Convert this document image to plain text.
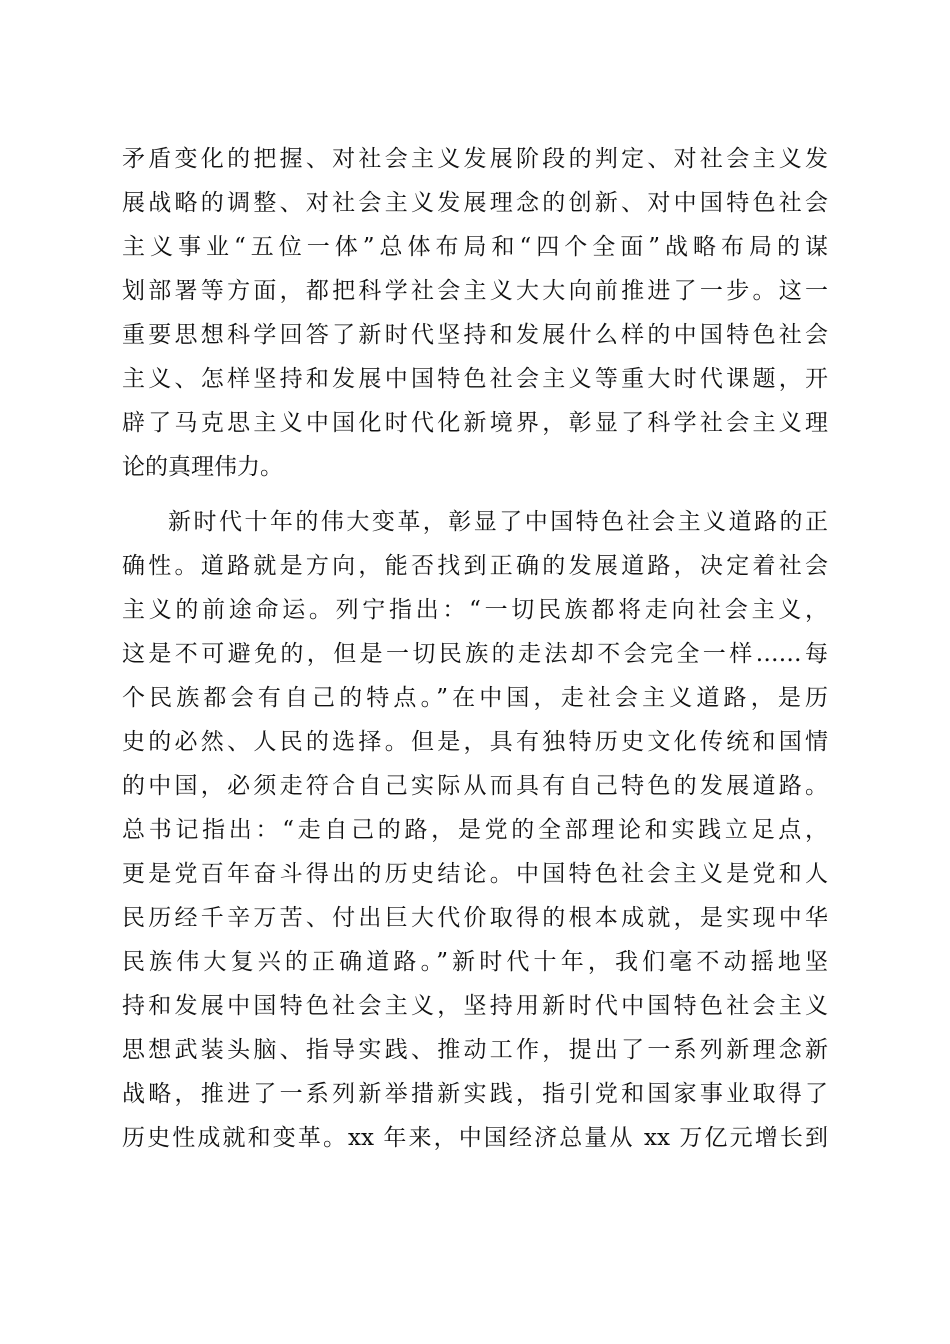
矛盾变化的把握、对社会主义发展阶段的判定、对社会主义发
展战略的调整、对社会主义发展理念的创新、对中国特色社会
主义事业“五位一体”总体布局和“四个全面”战略布局的谋
划部署等方面，都把科学社会主义大大向前推进了一步。这一
重要思想科学回答了新时代坚持和发展什么样的中国特色社会
主义、怎样坚持和发展中国特色社会主义等重大时代课题，开
辟了马克思主义中国化时代化新境界，彰显了科学社会主义理
论的真理伟力。
新时代十年的伟大变革，彰显了中国特色社会主义道路的正
确性。道路就是方向，能否找到正确的发展道路，决定着社会
主义的前途命运。列宁指出：“一切民族都将走向社会主义，
这是不可避免的，但是一切民族的走法却不会完全一样……每
个民族都会有自己的特点。”在中国，走社会主义道路，是历
史的必然、人民的选择。但是，具有独特历史文化传统和国情
的中国，必须走符合自己实际从而具有自己特色的发展道路。
总书记指出：“走自己的路，是党的全部理论和实践立足点，
更是党百年奋斗得出的历史结论。中国特色社会主义是党和人
民历经千辛万苦、付出巨大代价取得的根本成就，是实现中华
民族伟大复兴的正确道路。”新时代十年，我们毫不动摇地坚
持和发展中国特色社会主义，坚持用新时代中国特色社会主义
思想武装头脑、指导实践、推动工作，提出了一系列新理念新
战略，推进了一系列新举措新实践，指引党和国家事业取得了
历史性成就和变革。xx 年来，中国经济总量从 xx 万亿元增长到
